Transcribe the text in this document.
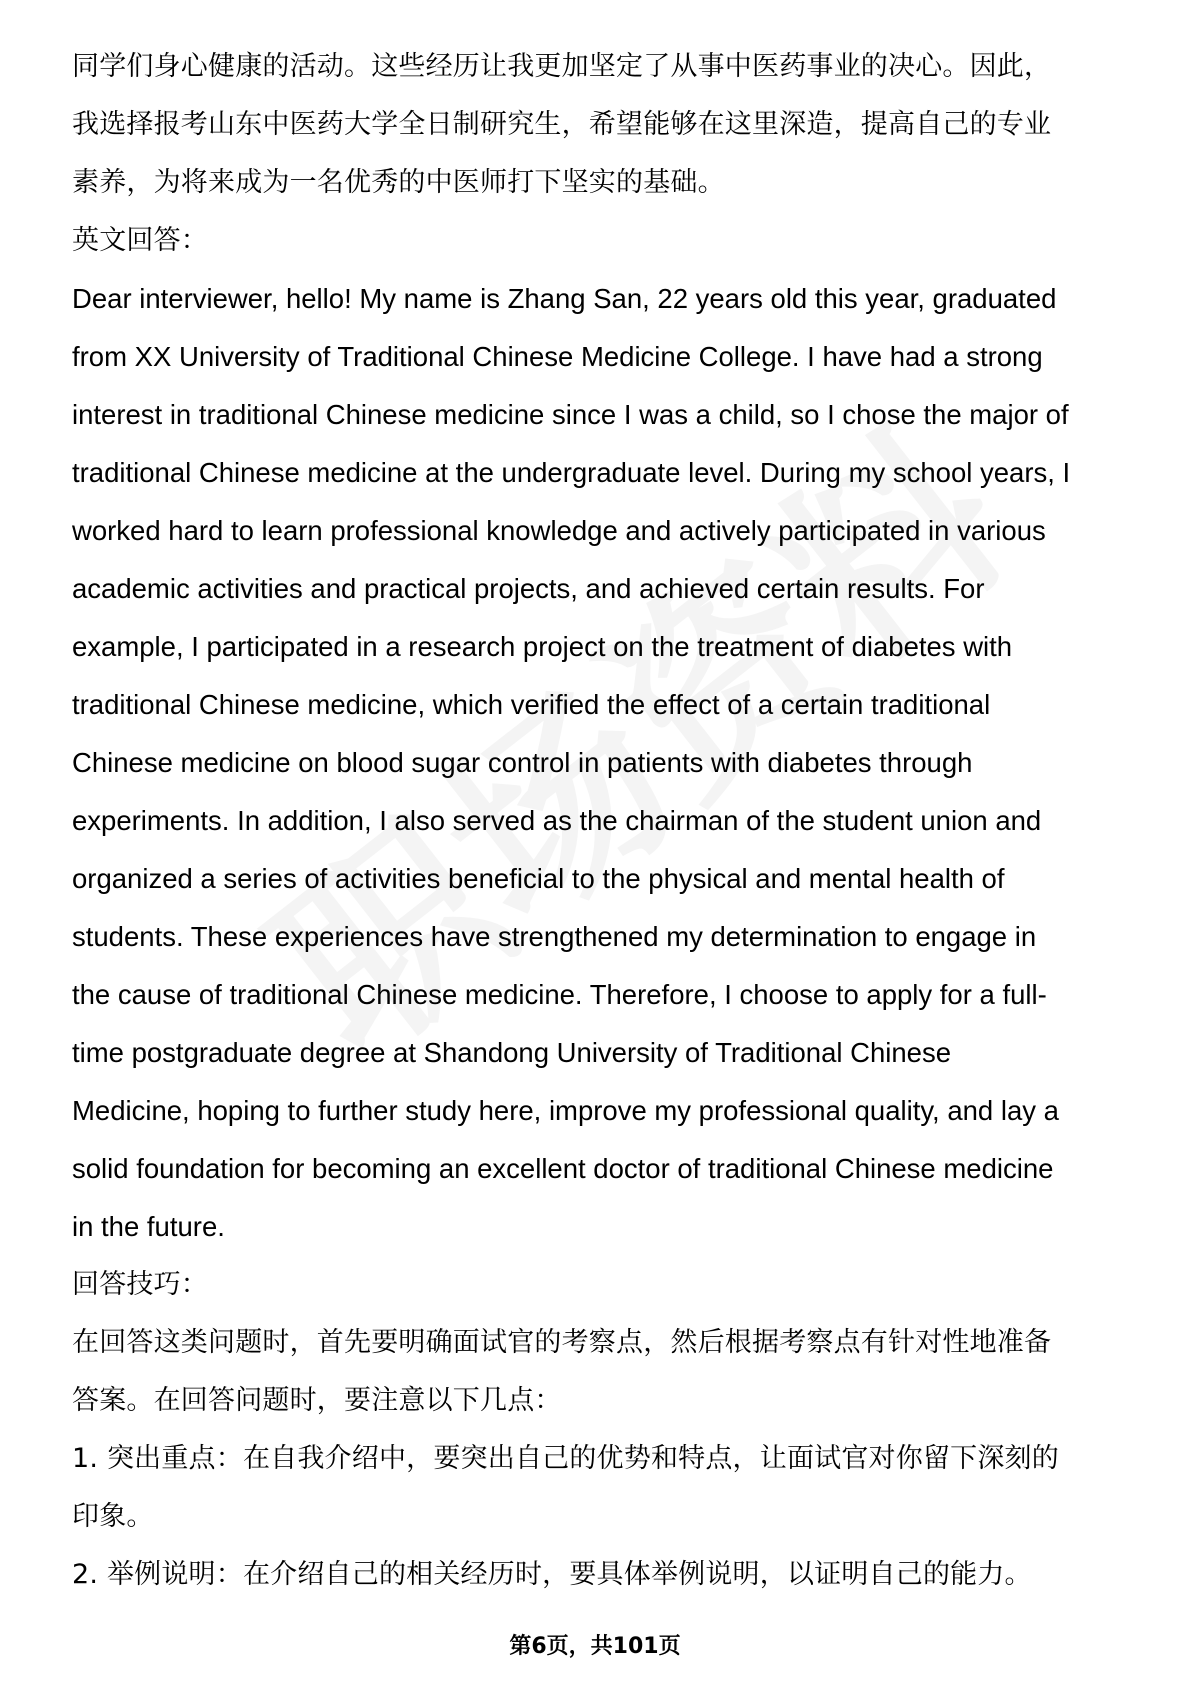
同学们身心健康的活动。这些经历让我更加坚定了从事中医药事业的决心。因此，

我选择报考山东中医药大学全日制研究生，希望能够在这里深造，提高自己的专业

素养，为将来成为一名优秀的中医师打下坚实的基础。

英文回答：

Dear interviewer, hello! My name is Zhang San, 22 years old this year, graduated

from XX University of Traditional Chinese Medicine College. I have had a strong

interest in traditional Chinese medicine since I was a child, so I chose the major of

traditional Chinese medicine at the undergraduate level. During my school years, I

worked hard to learn professional knowledge and actively participated in various

academic activities and practical projects, and achieved certain results. For

example, I participated in a research project on the treatment of diabetes with

traditional Chinese medicine, which verified the effect of a certain traditional

Chinese medicine on blood sugar control in patients with diabetes through

experiments. In addition, I also served as the chairman of the student union and

organized a series of activities beneficial to the physical and mental health of

students. These experiences have strengthened my determination to engage in

the cause of traditional Chinese medicine. Therefore, I choose to apply for a full-

time postgraduate degree at Shandong University of Traditional Chinese

Medicine, hoping to further study here, improve my professional quality, and lay a

solid foundation for becoming an excellent doctor of traditional Chinese medicine

in the future.

回答技巧：

在回答这类问题时，首先要明确面试官的考察点，然后根据考察点有针对性地准备

答案。在回答问题时，要注意以下几点：

1. 突出重点：在自我介绍中，要突出自己的优势和特点，让面试官对你留下深刻的

印象。

2. 举例说明：在介绍自己的相关经历时，要具体举例说明，以证明自己的能力。

第6页，共101页
